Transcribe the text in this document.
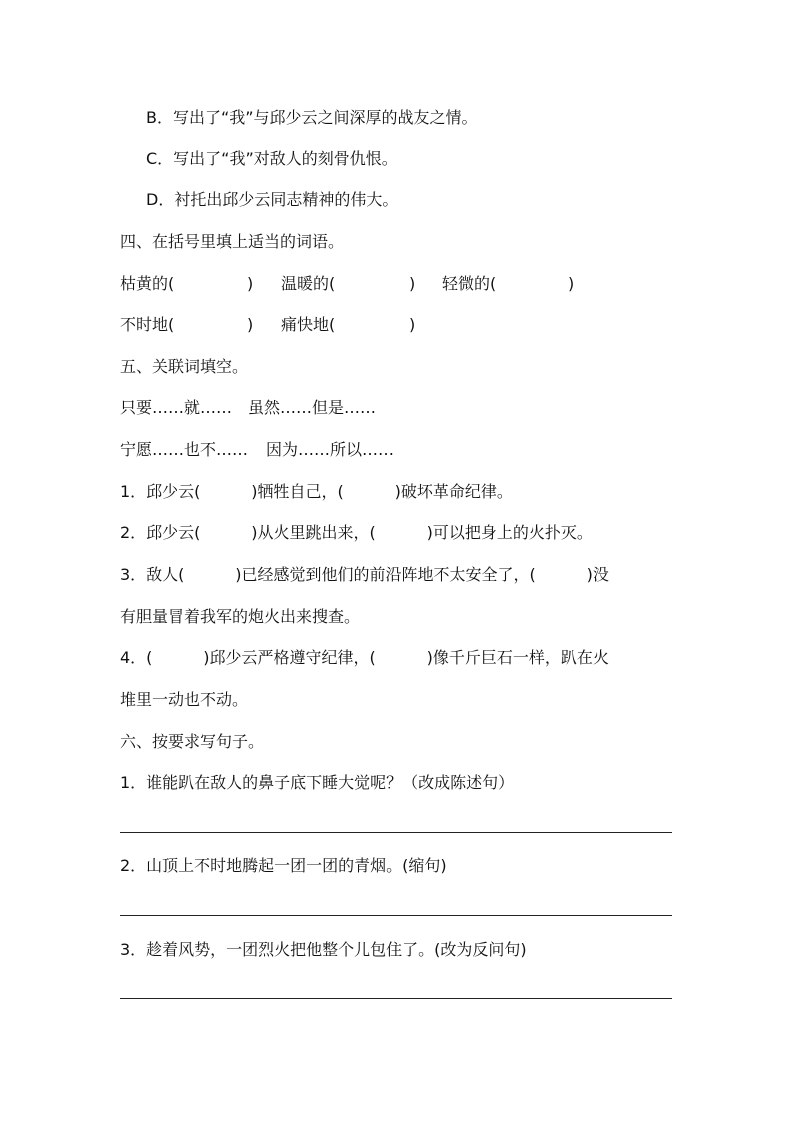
B．写出了“我”与邱少云之间深厚的战友之情。

C．写出了“我”对敌人的刻骨仇恨。

D．衬托出邱少云同志精神的伟大。

四、在括号里填上适当的词语。

枯黄的(	) 温暖的(	) 轻微的(	)

不时地(	) 痛快地(	)

五、关联词填空。

只要……就…… 虽然……但是……

宁愿……也不…… 因为……所以……

1．邱少云(          )牺牲自己，(          )破坏革命纪律。

2．邱少云(          )从火里跳出来，(          )可以把身上的火扑灭。

3．敌人(          )已经感觉到他们的前沿阵地不太安全了，(          )没

有胆量冒着我军的炮火出来搜查。

4．(          )邱少云严格遵守纪律，(          )像千斤巨石一样，趴在火

堆里一动也不动。

六、按要求写句子。

1．谁能趴在敌人的鼻子底下睡大觉呢？（改成陈述句）

2．山顶上不时地腾起一团一团的青烟。(缩句)

3．趁着风势，一团烈火把他整个儿包住了。(改为反问句)
